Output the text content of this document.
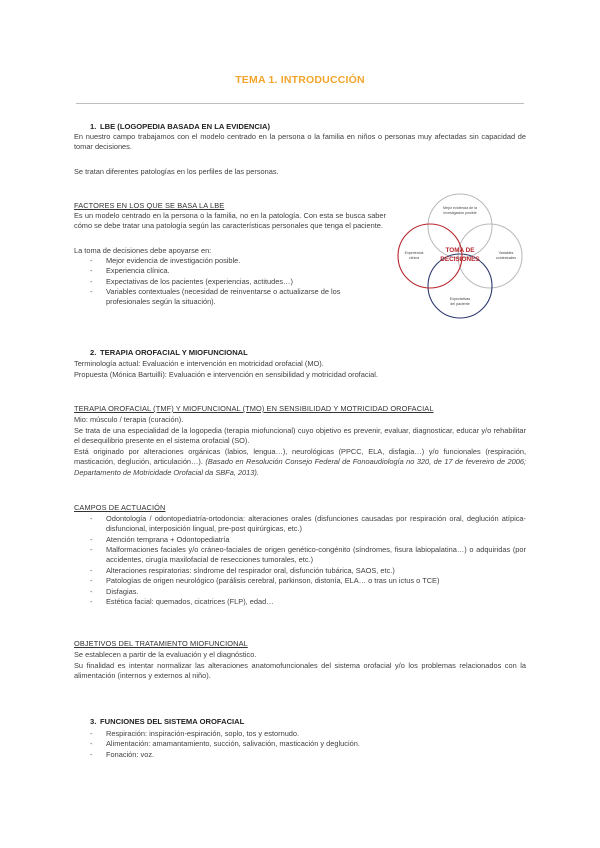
TEMA 1. INTRODUCCIÓN
1. LBE (LOGOPEDIA BASADA EN LA EVIDENCIA)
En nuestro campo trabajamos con el modelo centrado en la persona o la familia en niños o personas muy afectadas sin capacidad de tomar decisiones.
Se tratan diferentes patologías en los perfiles de las personas.
FACTORES EN LOS QUE SE BASA LA LBE
Es un modelo centrado en la persona o la familia, no en la patología. Con esta se busca saber cómo se debe tratar una patología según las características personales que tenga el paciente.
La toma de decisiones debe apoyarse en:
- Mejor evidencia de investigación posible.
- Experiencia clínica.
- Expectativas de los pacientes (experiencias, actitudes…)
- Variables contextuales (necesidad de reinventarse o actualizarse de los profesionales según la situación).
Mejor evidencia de la
investigación posible
Experiencia
clínica
Variables
contextuales
Expectativas
del paciente
TOMA DE
DECISIONES
2. TERAPIA OROFACIAL Y MIOFUNCIONAL
Terminología actual: Evaluación e intervención en motricidad orofacial (MO).
Propuesta (Mónica Bartuilli): Evaluación e intervención en sensibilidad y motricidad orofacial.
TERAPIA OROFACIAL (TMF) Y MIOFUNCIONAL (TMO) EN SENSIBILIDAD Y MOTRICIDAD OROFACIAL
Mio: músculo / terapia (curación).
Se trata de una especialidad de la logopedia (terapia miofuncional) cuyo objetivo es prevenir, evaluar, diagnosticar, educar y/o rehabilitar el desequilibrio presente en el sistema orofacial (SO).
Está originado por alteraciones orgánicas (labios, lengua…), neurológicas (PPCC, ELA, disfagia…) y/o funcionales (respiración, masticación, deglución, articulación…). (Basado en Resolución Consejo Federal de Fonoaudiología no 320, de 17 de fevereiro de 2006; Departamento de Motricidade Orofacial da SBFa, 2013).
CAMPOS DE ACTUACIÓN
- Odontología / odontopediatría-ortodoncia: alteraciones orales (disfunciones causadas por respiración oral, deglución atípica-disfuncional, interposición lingual, pre-post quirúrgicas, etc.)
- Atención temprana + Odontopediatría
- Malformaciones faciales y/o cráneo-faciales de origen genético-congénito (síndromes, fisura labiopalatina…) o adquiridas (por accidentes, cirugía maxilofacial de resecciones tumorales, etc.)
- Alteraciones respiratorias: síndrome del respirador oral, disfunción tubárica, SAOS, etc.)
- Patologías de origen neurológico (parálisis cerebral, parkinson, distonía, ELA… o tras un ictus o TCE)
- Disfagias.
- Estética facial: quemados, cicatrices (FLP), edad…
OBJETIVOS DEL TRATAMIENTO MIOFUNCIONAL
Se establecen a partir de la evaluación y el diagnóstico.
Su finalidad es intentar normalizar las alteraciones anatomofuncionales del sistema orofacial y/o los problemas relacionados con la alimentación (internos y externos al niño).
3. FUNCIONES DEL SISTEMA OROFACIAL
- Respiración: inspiración-espiración, soplo, tos y estornudo.
- Alimentación: amamantamiento, succión, salivación, masticación y deglución.
- Fonación: voz.
